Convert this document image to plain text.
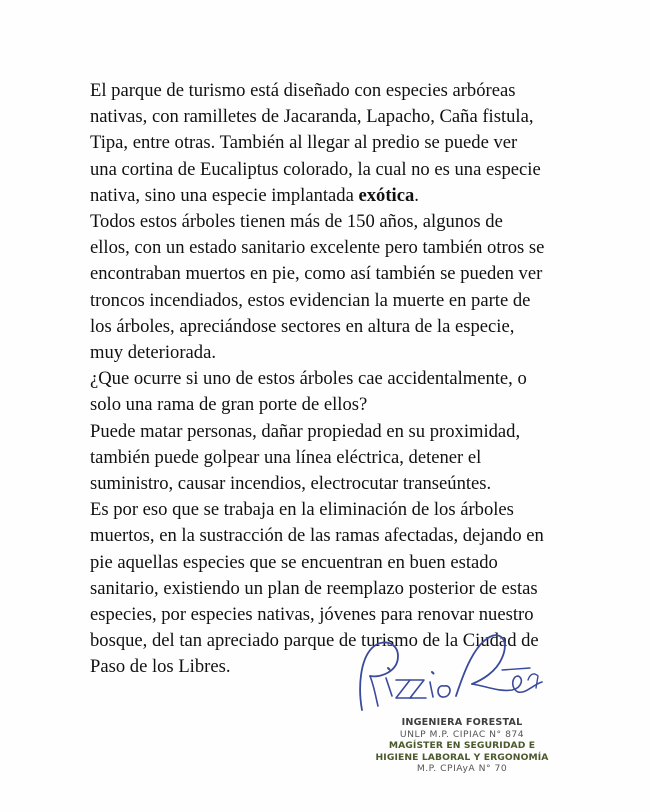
El parque de turismo está diseñado con especies arbóreas
nativas, con ramilletes de Jacaranda, Lapacho, Caña fistula,
Tipa, entre otras. También al llegar al predio se puede ver
una cortina de Eucaliptus colorado, la cual no es una especie
nativa, sino una especie implantada exótica.
Todos estos árboles tienen más de 150 años, algunos de
ellos, con un estado sanitario excelente pero también otros se
encontraban muertos en pie, como así también se pueden ver
troncos incendiados, estos evidencian la muerte en parte de
los árboles, apreciándose sectores en altura de la especie,
muy deteriorada.
¿Que ocurre si uno de estos árboles cae accidentalmente, o
solo una rama de gran porte de ellos?
Puede matar personas, dañar propiedad en su proximidad,
también puede golpear una línea eléctrica, detener el
suministro, causar incendios, electrocutar transeúntes.
Es por eso que se trabaja en la eliminación de los árboles
muertos, en la sustracción de las ramas afectadas, dejando en
pie aquellas especies que se encuentran en buen estado
sanitario, existiendo un plan de reemplazo posterior de estas
especies, por especies nativas, jóvenes para renovar nuestro
bosque, del tan apreciado parque de turismo de la Ciudad de
Paso de los Libres.
INGENIERA FORESTAL
UNLP M.P. CIPIAC N° 874
MAGÍSTER EN SEGURIDAD E
HIGIENE LABORAL Y ERGONOMÍA
M.P. CPIAyA N° 70
